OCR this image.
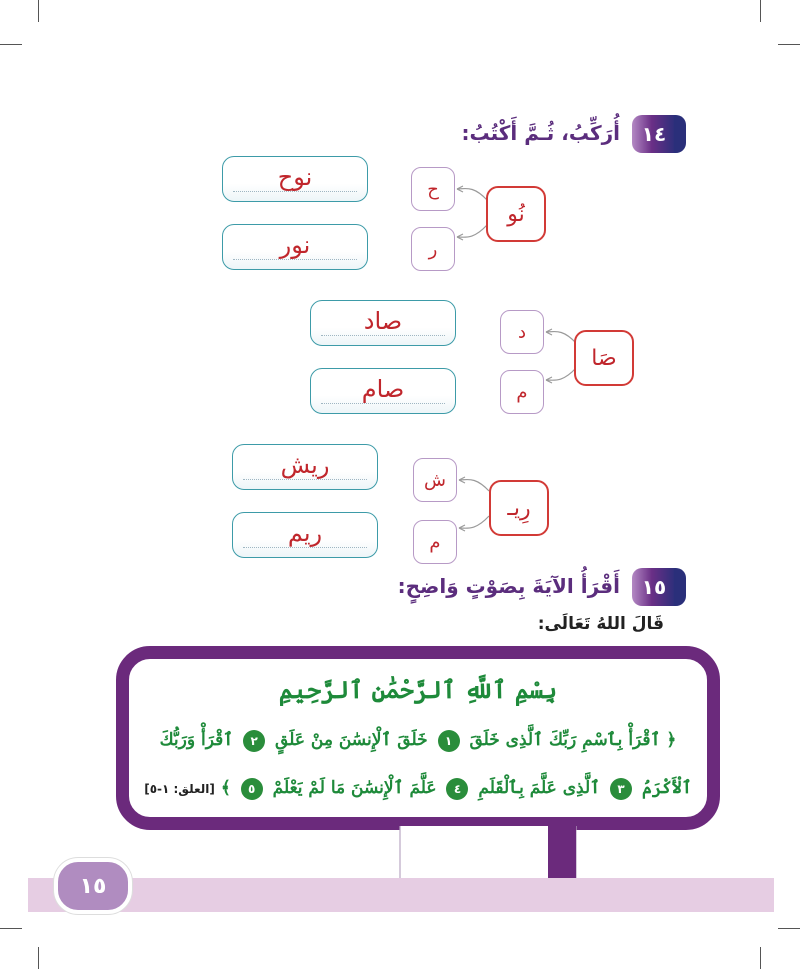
١٤
أُرَكِّبُ، ثُـمَّ أَكْتُبُ:
نوح
نور
ح
ر
نُو
صاد
صام
د
م
صَا
ريش
ريم
ش
م
رِيـ
١٥
أَقْرَأُ الآيَةَ بِصَوْتٍ وَاضِحٍ:
قَالَ اللهُ تَعَالَى:
بِسْمِ ٱللَّهِ ٱلرَّحْمَٰنِ ٱلرَّحِيمِ
﴿ ٱقْرَأْ بِٱسْمِ رَبِّكَ ٱلَّذِى خَلَقَ ١ خَلَقَ ٱلْإِنسَٰنَ مِنْ عَلَقٍ ٢ ٱقْرَأْ وَرَبُّكَ
ٱلْأَكْرَمُ ٣ ٱلَّذِى عَلَّمَ بِٱلْقَلَمِ ٤ عَلَّمَ ٱلْإِنسَٰنَ مَا لَمْ يَعْلَمْ ٥ ﴾ [العلق: ١-٥]
١٥
